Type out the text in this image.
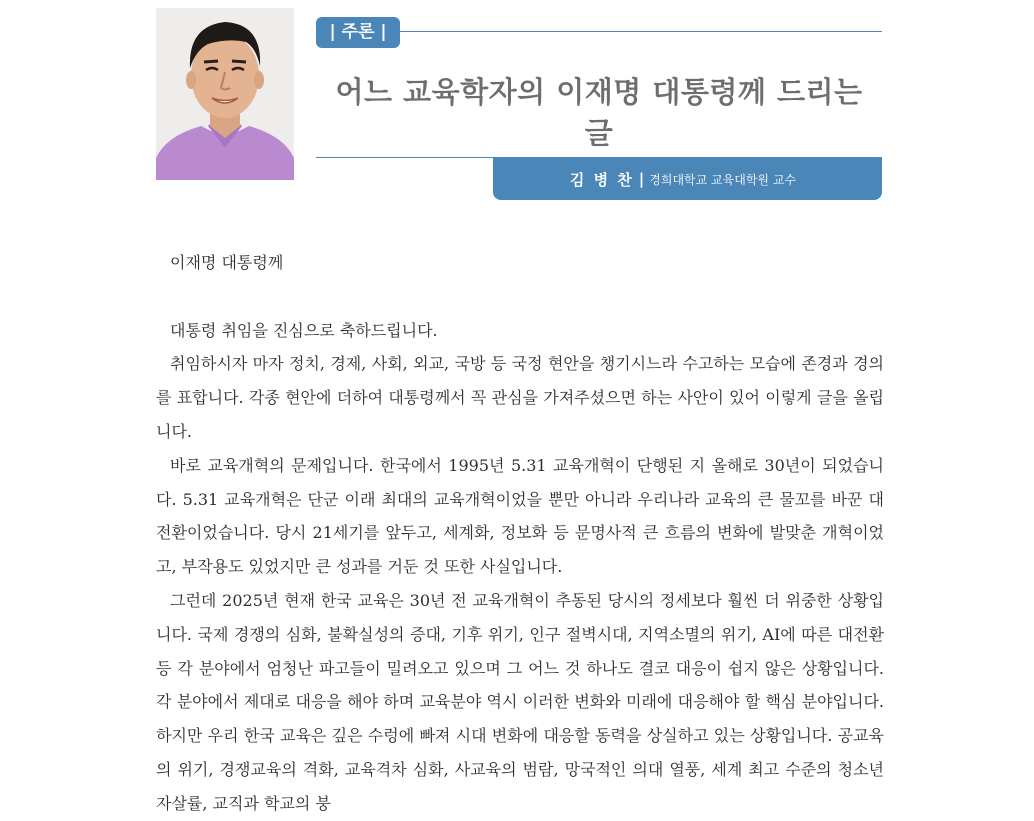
| 주론 |
어느 교육학자의 이재명 대통령께 드리는 글
김 병 찬 | 경희대학교 교육대학원 교수

이재명 대통령께

대통령 취임을 진심으로 축하드립니다.

취임하시자 마자 정치, 경제, 사회, 외교, 국방 등 국정 현안을 챙기시느라 수고하는 모습에 존경과 경의를 표합니다. 각종 현안에 더하여 대통령께서 꼭 관심을 가져주셨으면 하는 사안이 있어 이렇게 글을 올립니다.

바로 교육개혁의 문제입니다. 한국에서 1995년 5.31 교육개혁이 단행된 지 올해로 30년이 되었습니다. 5.31 교육개혁은 단군 이래 최대의 교육개혁이었을 뿐만 아니라 우리나라 교육의 큰 물꼬를 바꾼 대전환이었습니다. 당시 21세기를 앞두고, 세계화, 정보화 등 문명사적 큰 흐름의 변화에 발맞춘 개혁이었고, 부작용도 있었지만 큰 성과를 거둔 것 또한 사실입니다.

그런데 2025년 현재 한국 교육은 30년 전 교육개혁이 추동된 당시의 정세보다 훨씬 더 위중한 상황입니다. 국제 경쟁의 심화, 불확실성의 증대, 기후 위기, 인구 절벽시대, 지역소멸의 위기, AI에 따른 대전환 등 각 분야에서 엄청난 파고들이 밀려오고 있으며 그 어느 것 하나도 결코 대응이 쉽지 않은 상황입니다. 각 분야에서 제대로 대응을 해야 하며 교육분야 역시 이러한 변화와 미래에 대응해야 할 핵심 분야입니다. 하지만 우리 한국 교육은 깊은 수렁에 빠져 시대 변화에 대응할 동력을 상실하고 있는 상황입니다. 공교육의 위기, 경쟁교육의 격화, 교육격차 심화, 사교육의 범람, 망국적인 의대 열풍, 세계 최고 수준의 청소년 자살률, 교직과 학교의 붕
